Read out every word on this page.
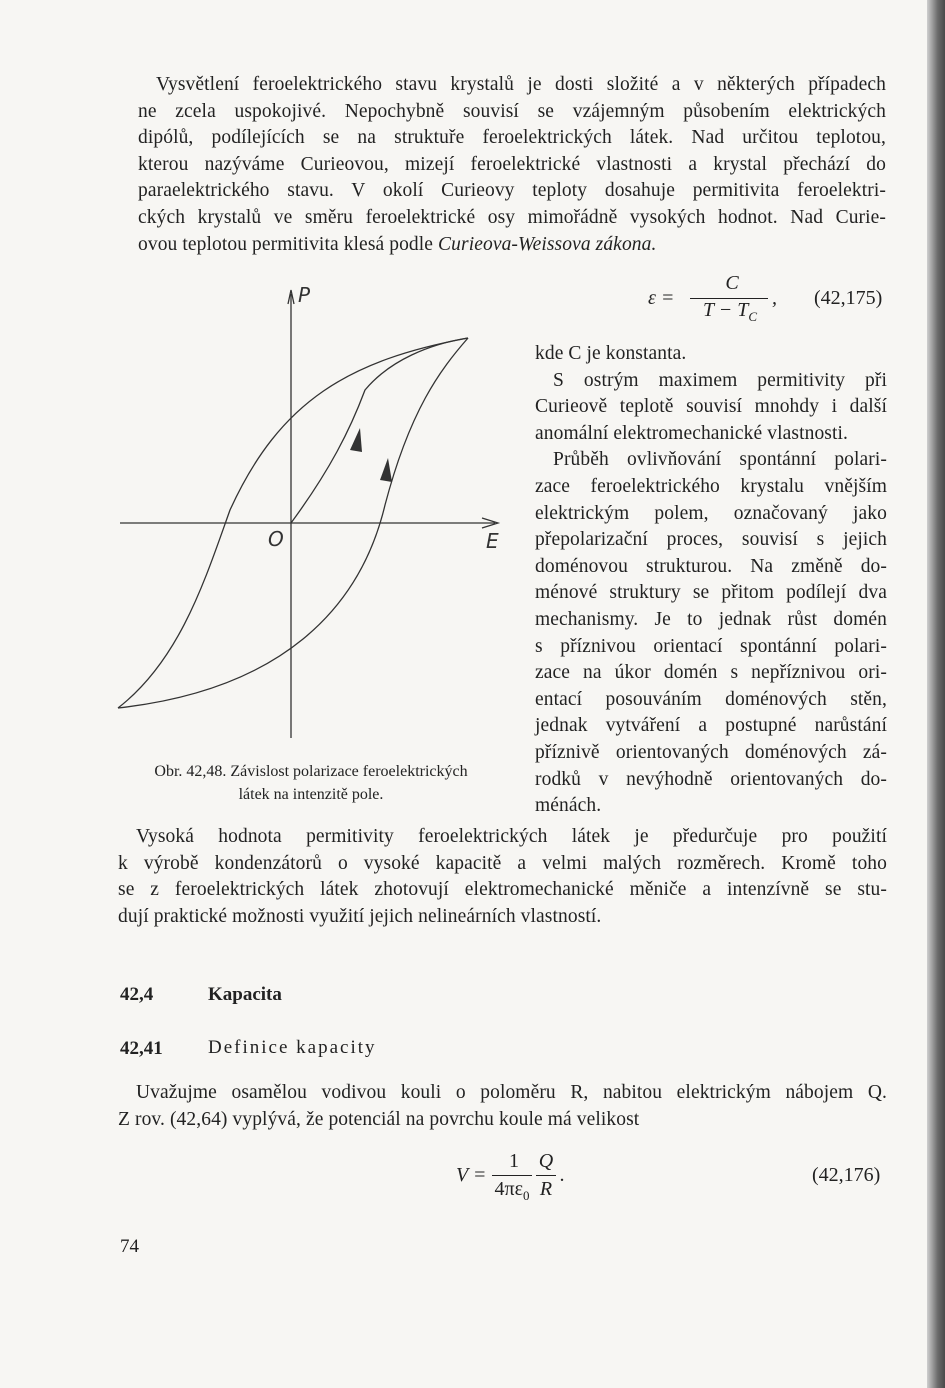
Vysvětlení feroelektrického stavu krystalů je dosti složité a v některých případech
ne zcela uspokojivé. Nepochybně souvisí se vzájemným působením elektrických
dipólů, podílejících se na struktuře feroelektrických látek. Nad určitou teplotou,
kterou nazýváme Curieovou, mizejí feroelektrické vlastnosti a krystal přechází do
paraelektrického stavu. V okolí Curieovy teploty dosahuje permitivita feroelektri-
ckých krystalů ve směru feroelektrické osy mimořádně vysokých hodnot. Nad Curie-
ovou teplotou permitivita klesá podle Curieova-Weissova zákona.
ε =
C
$T - T_C$
, (42,175)
P
E
O
Obr. 42,48. Závislost polarizace feroelektrických
látek na intenzitě pole.
kde C je konstanta.
S ostrým maximem permitivity při
Curieově teplotě souvisí mnohdy i další
anomální elektromechanické vlastnosti.
Průběh ovlivňování spontánní polari-
zace feroelektrického krystalu vnějším
elektrickým polem, označovaný jako
přepolarizační proces, souvisí s jejich
doménovou strukturou. Na změně do-
ménové struktury se přitom podílejí dva
mechanismy. Je to jednak růst domén
s příznivou orientací spontánní polari-
zace na úkor domén s nepříznivou ori-
entací posouváním doménových stěn,
jednak vytváření a postupné narůstání
příznivě orientovaných doménových zá-
rodků v nevýhodně orientovaných do-
ménách.
Vysoká hodnota permitivity feroelektrických látek je předurčuje pro použití
k výrobě kondenzátorů o vysoké kapacitě a velmi malých rozměrech. Kromě toho
se z feroelektrických látek zhotovují elektromechanické měniče a intenzívně se stu-
dují praktické možnosti využití jejich nelineárních vlastností.
42,4	Kapacita
42,41 Definice kapacity
Uvažujme osamělou vodivou kouli o poloměru R, nabitou elektrickým nábojem Q.
Z rov. (42,64) vyplývá, že potenciál na povrchu koule má velikost
V =
1
$4\pi\varepsilon_0$
Q
R
.	(42,176)
74
